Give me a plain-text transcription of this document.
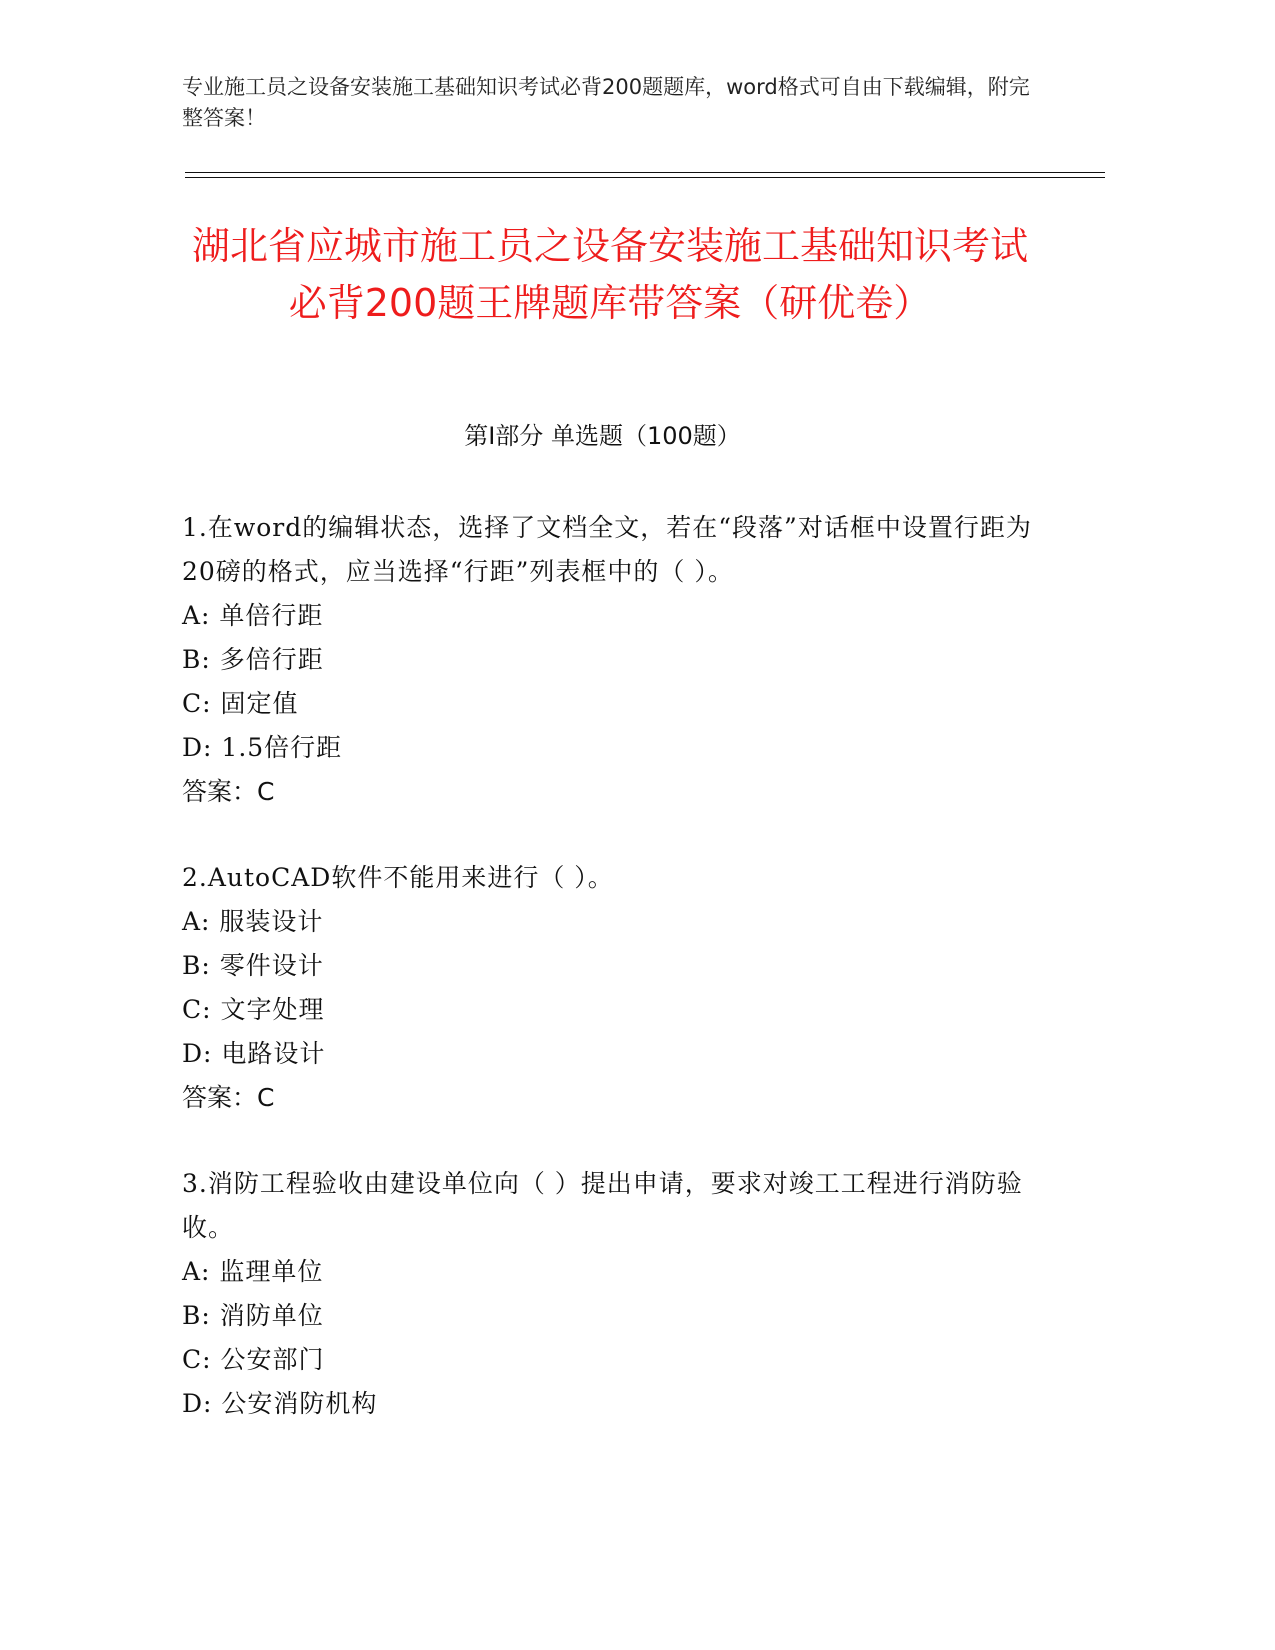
专业施工员之设备安装施工基础知识考试必背200题题库，word格式可自由下载编辑，附完整答案！
湖北省应城市施工员之设备安装施工基础知识考试必背200题王牌题库带答案（研优卷）
第I部分 单选题（100题）
1.在word的编辑状态，选择了文档全文，若在“段落”对话框中设置行距为20磅的格式，应当选择“行距”列表框中的（ ）。
A: 单倍行距
B: 多倍行距
C: 固定值
D: 1.5倍行距
答案：C
2.AutoCAD软件不能用来进行（ ）。
A: 服装设计
B: 零件设计
C: 文字处理
D: 电路设计
答案：C
3.消防工程验收由建设单位向（ ）提出申请，要求对竣工工程进行消防验收。
A: 监理单位
B: 消防单位
C: 公安部门
D: 公安消防机构
